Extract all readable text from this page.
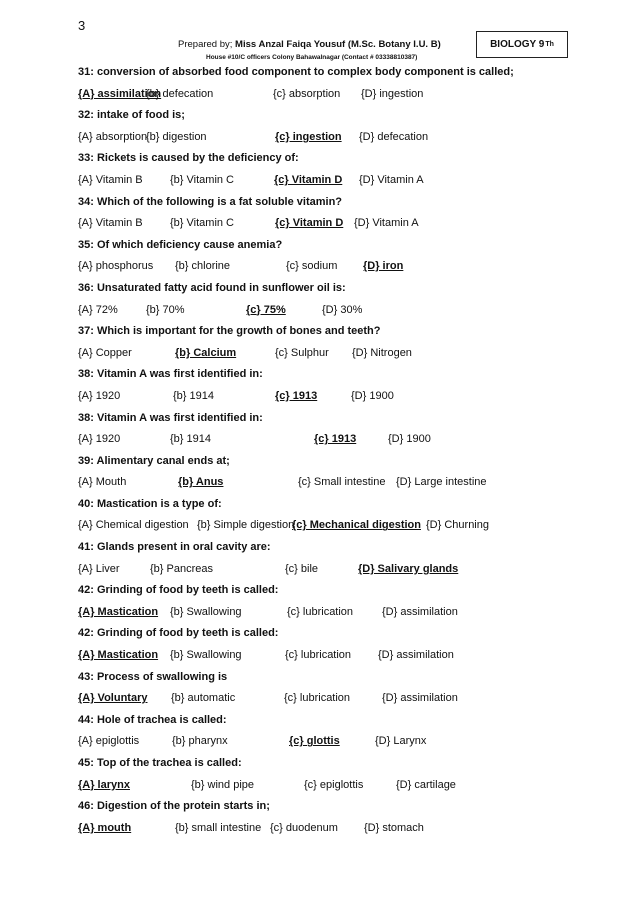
3
Prepared by; Miss Anzal Faiqa Yousuf (M.Sc. Botany I.U. B)
House #10/C officers Colony Bahawalnagar (Contact # 03338810387)
BIOLOGY 9 Th
31: conversion of absorbed food component to complex body component is called;
{A} assimilation
{b} defecation	{c} absorption {D} ingestion
32: intake of food is;
{A} absorption
{b} digestion	{c} ingestion {D} defecation
33: Rickets is caused by the deficiency of:
{A} Vitamin B {b} Vitamin C	{c} Vitamin D {D} Vitamin A
34: Which of the following is a fat soluble vitamin?
{A} Vitamin B {b} Vitamin C	{c} Vitamin D {D} Vitamin A
35: Of which deficiency cause anemia?
{A} phosphorus {b} chlorine	{c} sodium {D} iron
36: Unsaturated fatty acid found in sunflower oil is:
{A} 72%	{b} 70%	{c} 75%	{D} 30%
37: Which is important for the growth of bones and teeth?
{A} Copper	{b} Calcium	{c} Sulphur {D} Nitrogen
38: Vitamin A was first identified in:
{A} 1920	{b} 1914	{c} 1913	{D} 1900
38: Vitamin A was first identified in:
{A} 1920	{b} 1914	{c} 1913	{D} 1900
39: Alimentary canal ends at;
{A} Mouth	{b} Anus	{c} Small intestine {D} Large intestine
40: Mastication is a type of:
{A} Chemical digestion {b} Simple digestion
{c} Mechanical digestion {D} Churning
41: Glands present in oral cavity are:
{A} Liver	{b} Pancreas	{c} bile	{D} Salivary glands
42: Grinding of food by teeth is called:
{A} Mastication {b} Swallowing	{c} lubrication	{D} assimilation
42: Grinding of food by teeth is called:
{A} Mastication {b} Swallowing	{c} lubrication {D} assimilation
43: Process of swallowing is
{A} Voluntary {b} automatic	{c} lubrication	{D} assimilation
44: Hole of trachea is called:
{A} epiglottis	{b} pharynx	{c} glottis	{D} Larynx
45: Top of the trachea is called:
{A} larynx	{b} wind pipe	{c} epiglottis	{D} cartilage
46: Digestion of the protein starts in;
{A} mouth	{b} small intestine {c} duodenum {D} stomach
